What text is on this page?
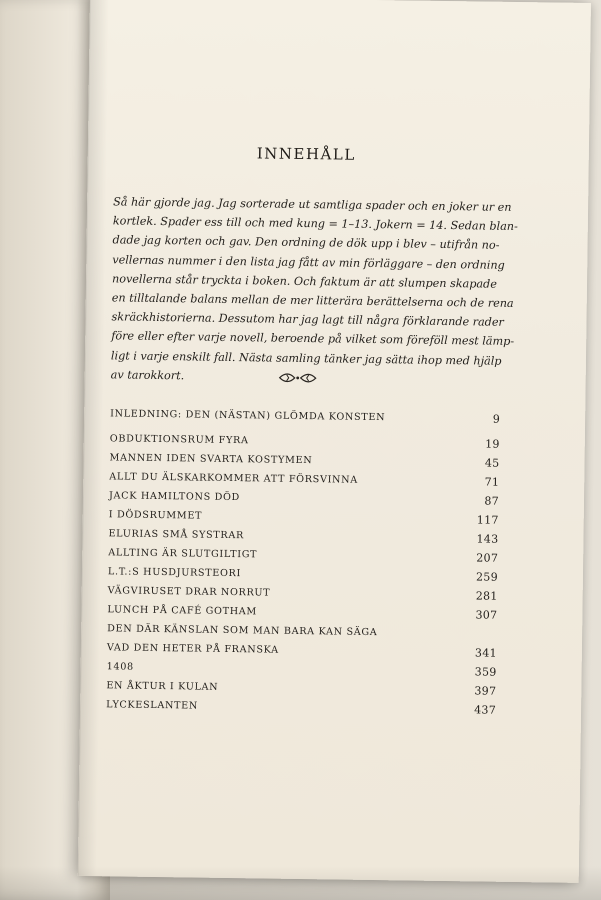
INNEHÅLL
Så här gjorde jag. Jag sorterade ut samtliga spader och en joker ur en
kortlek. Spader ess till och med kung = 1–13. Jokern = 14. Sedan blan-
dade jag korten och gav. Den ordning de dök upp i blev – utifrån no-
vellernas nummer i den lista jag fått av min förläggare – den ordning
novellerna står tryckta i boken. Och faktum är att slumpen skapade
en tilltalande balans mellan de mer litterära berättelserna och de rena
skräckhistorierna. Dessutom har jag lagt till några förklarande rader
före eller efter varje novell, beroende på vilket som föreföll mest lämp-
ligt i varje enskilt fall. Nästa samling tänker jag sätta ihop med hjälp
av tarokkort.
INLEDNING: DEN (NÄSTAN) GLÖMDA KONSTEN	9
OBDUKTIONSRUM FYRA	19
MANNEN IDEN SVARTA KOSTYMEN	45
ALLT DU ÄLSKARKOMMER ATT FÖRSVINNA	71
JACK HAMILTONS DÖD	87
I DÖDSRUMMET	117
ELURIAS SMÅ SYSTRAR	143
ALLTING ÄR SLUTGILTIGT	207
L.T.:S HUSDJURSTEORI	259
VÄGVIRUSET DRAR NORRUT	281
LUNCH PÅ CAFÉ GOTHAM	307
DEN DÄR KÄNSLAN SOM MAN BARA KAN SÄGA VAD DEN HETER PÅ FRANSKA	341
1408	359
EN ÅKTUR I KULAN	397
LYCKESLANTEN	437
